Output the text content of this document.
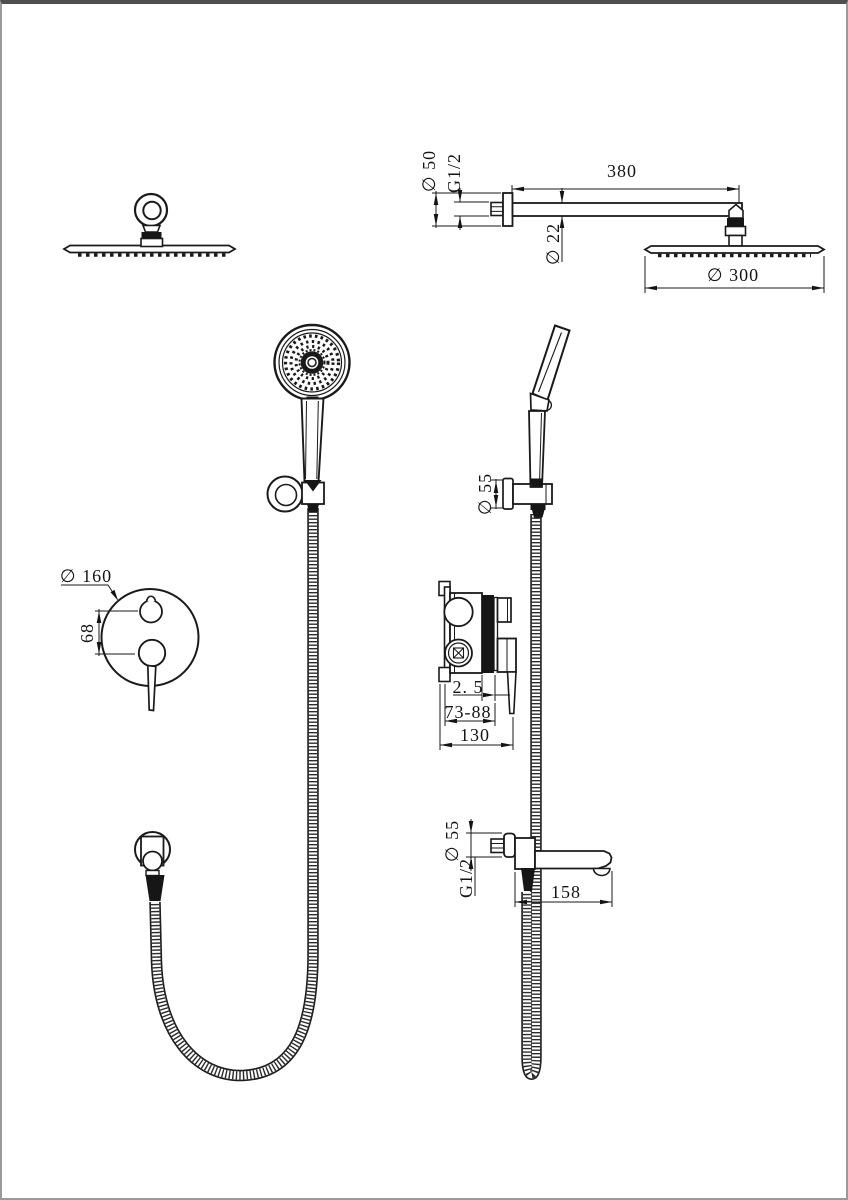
∅ 50 G1/2	380
∅ 22
∅ 300
∅ 160
68
∅ 55
2. 5
73-88
130
∅ 55
G1/2	158
